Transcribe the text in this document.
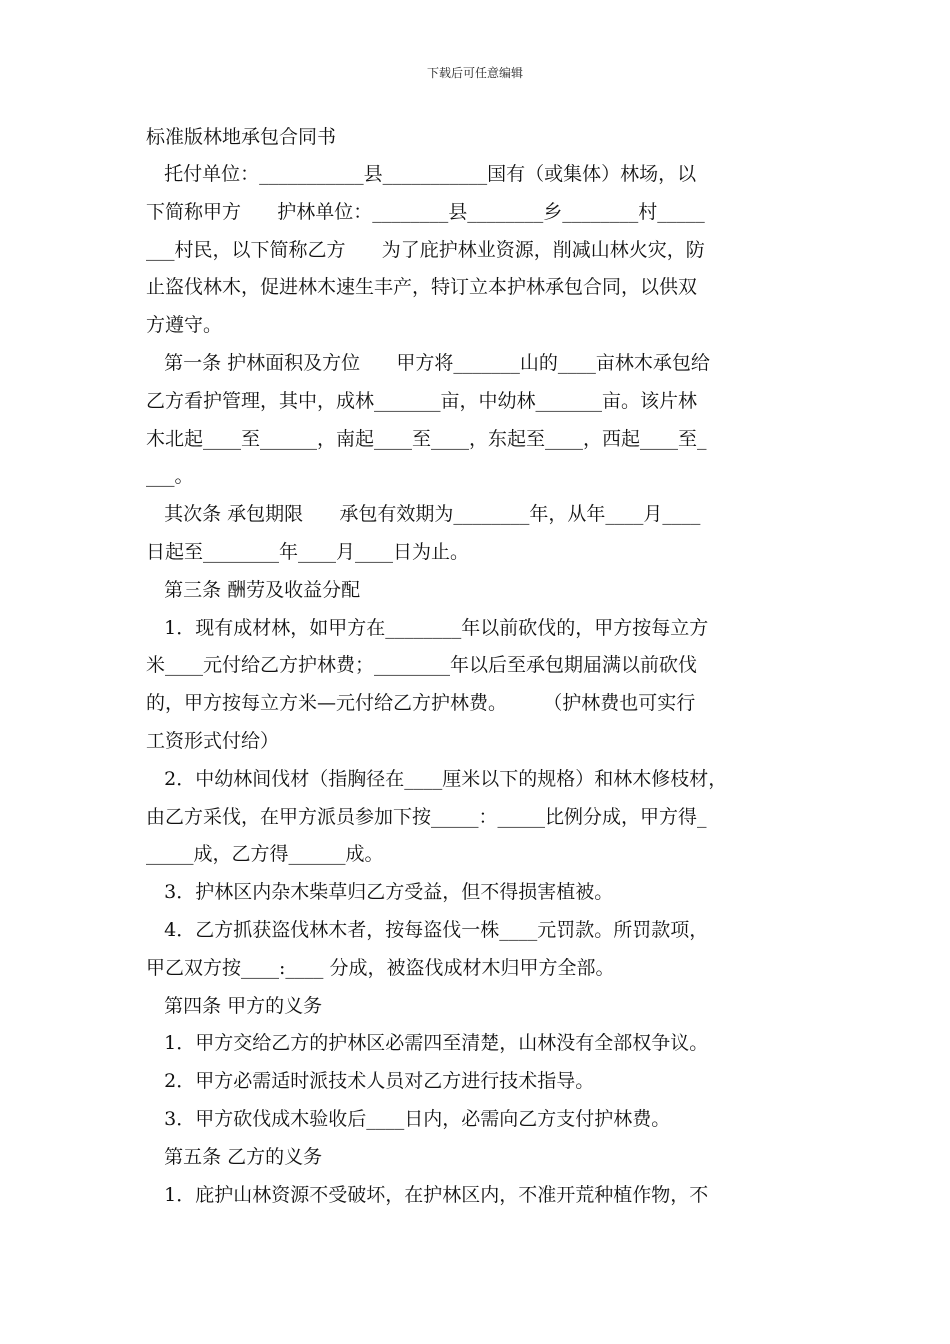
下载后可任意编辑
标准版林地承包合同书
托付单位：___________县___________国有（或集体）林场，以
下简称甲方      护林单位：________县________乡________村_____
___村民，以下简称乙方      为了庇护林业资源，削减山林火灾，防
止盗伐林木，促进林木速生丰产，特订立本护林承包合同，以供双
方遵守。
第一条 护林面积及方位      甲方将_______山的____亩林木承包给
乙方看护管理，其中，成林_______亩，中幼林_______亩。该片林
木北起____至______，南起____至____，东起至____，西起____至_
___。
其次条 承包期限      承包有效期为________年，从年____月____
日起至________年____月____日为止。
第三条 酬劳及收益分配
1．现有成材林，如甲方在________年以前砍伐的，甲方按每立方
米____元付给乙方护林费；________年以后至承包期届满以前砍伐
的，甲方按每立方米—元付给乙方护林费。      （护林费也可实行
工资形式付给）
2．中幼林间伐材（指胸径在____厘米以下的规格）和林木修枝材，
由乙方采伐，在甲方派员参加下按_____：_____比例分成，甲方得_
_____成，乙方得______成。
3．护林区内杂木柴草归乙方受益，但不得损害植被。
4．乙方抓获盗伐林木者，按每盗伐一株____元罚款。所罚款项，
甲乙双方按____:____ 分成，被盗伐成材木归甲方全部。
第四条 甲方的义务
1．甲方交给乙方的护林区必需四至清楚，山林没有全部权争议。
2．甲方必需适时派技术人员对乙方进行技术指导。
3．甲方砍伐成木验收后____日内，必需向乙方支付护林费。
第五条 乙方的义务
1．庇护山林资源不受破坏，在护林区内，不准开荒种植作物，不
